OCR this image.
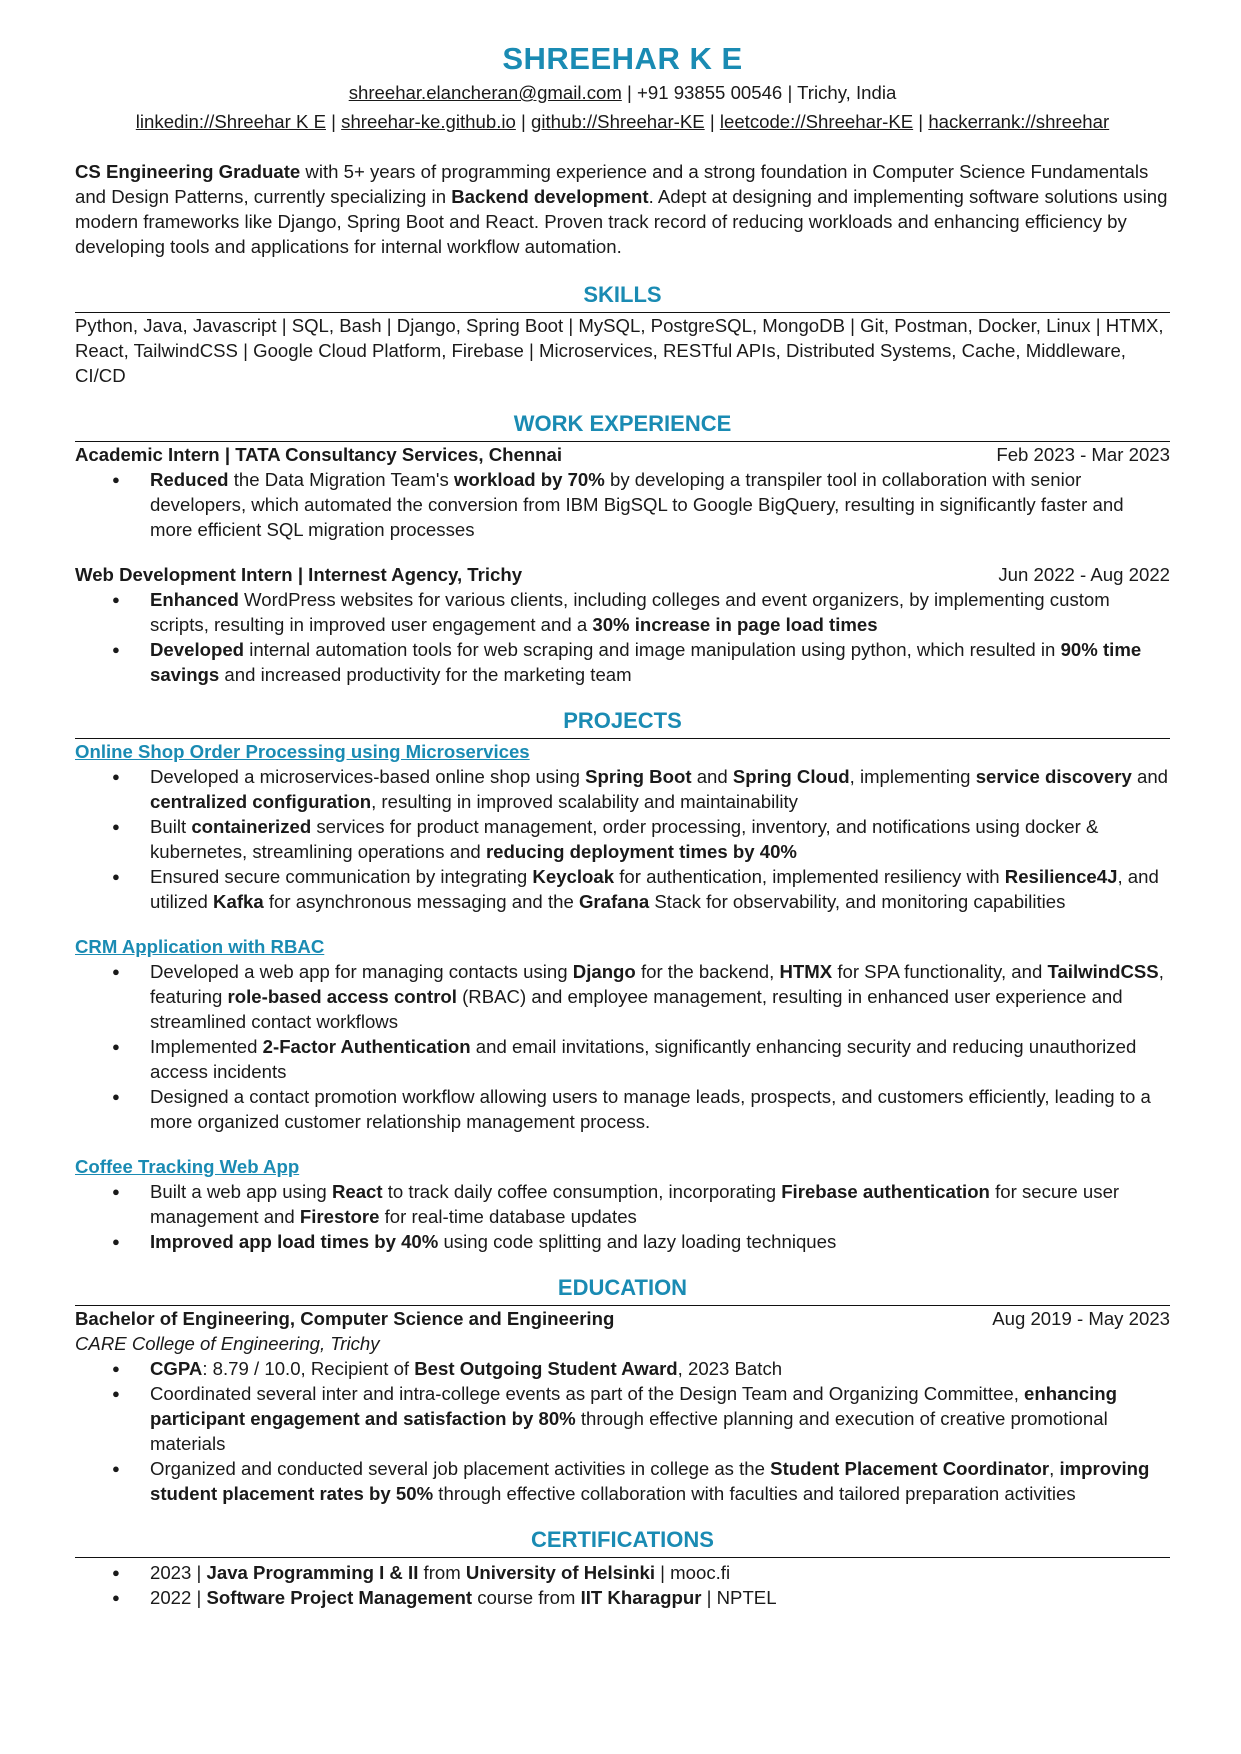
SHREEHAR K E
shreehar.elancheran@gmail.com | +91 93855 00546 | Trichy, India
linkedin://Shreehar K E | shreehar-ke.github.io | github://Shreehar-KE | leetcode://Shreehar-KE | hackerrank://shreehar
CS Engineering Graduate with 5+ years of programming experience and a strong foundation in Computer Science Fundamentals and Design Patterns, currently specializing in Backend development. Adept at designing and implementing software solutions using modern frameworks like Django, Spring Boot and React. Proven track record of reducing workloads and enhancing efficiency by developing tools and applications for internal workflow automation.
SKILLS
Python, Java, Javascript | SQL, Bash | Django, Spring Boot | MySQL, PostgreSQL, MongoDB | Git, Postman, Docker, Linux | HTMX, React, TailwindCSS | Google Cloud Platform, Firebase | Microservices, RESTful APIs, Distributed Systems, Cache, Middleware, CI/CD
WORK EXPERIENCE
Academic Intern | TATA Consultancy Services, Chennai	Feb 2023 - Mar 2023
● Reduced the Data Migration Team's workload by 70% by developing a transpiler tool in collaboration with senior developers, which automated the conversion from IBM BigSQL to Google BigQuery, resulting in significantly faster and more efficient SQL migration processes
Web Development Intern | Internest Agency, Trichy	Jun 2022 - Aug 2022
● Enhanced WordPress websites for various clients, including colleges and event organizers, by implementing custom scripts, resulting in improved user engagement and a 30% increase in page load times
● Developed internal automation tools for web scraping and image manipulation using python, which resulted in 90% time savings and increased productivity for the marketing team
PROJECTS
Online Shop Order Processing using Microservices
● Developed a microservices-based online shop using Spring Boot and Spring Cloud, implementing service discovery and centralized configuration, resulting in improved scalability and maintainability
● Built containerized services for product management, order processing, inventory, and notifications using docker & kubernetes, streamlining operations and reducing deployment times by 40%
● Ensured secure communication by integrating Keycloak for authentication, implemented resiliency with Resilience4J, and utilized Kafka for asynchronous messaging and the Grafana Stack for observability, and monitoring capabilities
CRM Application with RBAC
● Developed a web app for managing contacts using Django for the backend, HTMX for SPA functionality, and TailwindCSS, featuring role-based access control (RBAC) and employee management, resulting in enhanced user experience and streamlined contact workflows
● Implemented 2-Factor Authentication and email invitations, significantly enhancing security and reducing unauthorized access incidents
● Designed a contact promotion workflow allowing users to manage leads, prospects, and customers efficiently, leading to a more organized customer relationship management process.
Coffee Tracking Web App
● Built a web app using React to track daily coffee consumption, incorporating Firebase authentication for secure user management and Firestore for real-time database updates
● Improved app load times by 40% using code splitting and lazy loading techniques
EDUCATION
Bachelor of Engineering, Computer Science and Engineering	Aug 2019 - May 2023
CARE College of Engineering, Trichy
● CGPA: 8.79 / 10.0, Recipient of Best Outgoing Student Award, 2023 Batch
● Coordinated several inter and intra-college events as part of the Design Team and Organizing Committee, enhancing participant engagement and satisfaction by 80% through effective planning and execution of creative promotional materials
● Organized and conducted several job placement activities in college as the Student Placement Coordinator, improving student placement rates by 50% through effective collaboration with faculties and tailored preparation activities
CERTIFICATIONS
● 2023 | Java Programming I & II from University of Helsinki | mooc.fi
● 2022 | Software Project Management course from IIT Kharagpur | NPTEL
